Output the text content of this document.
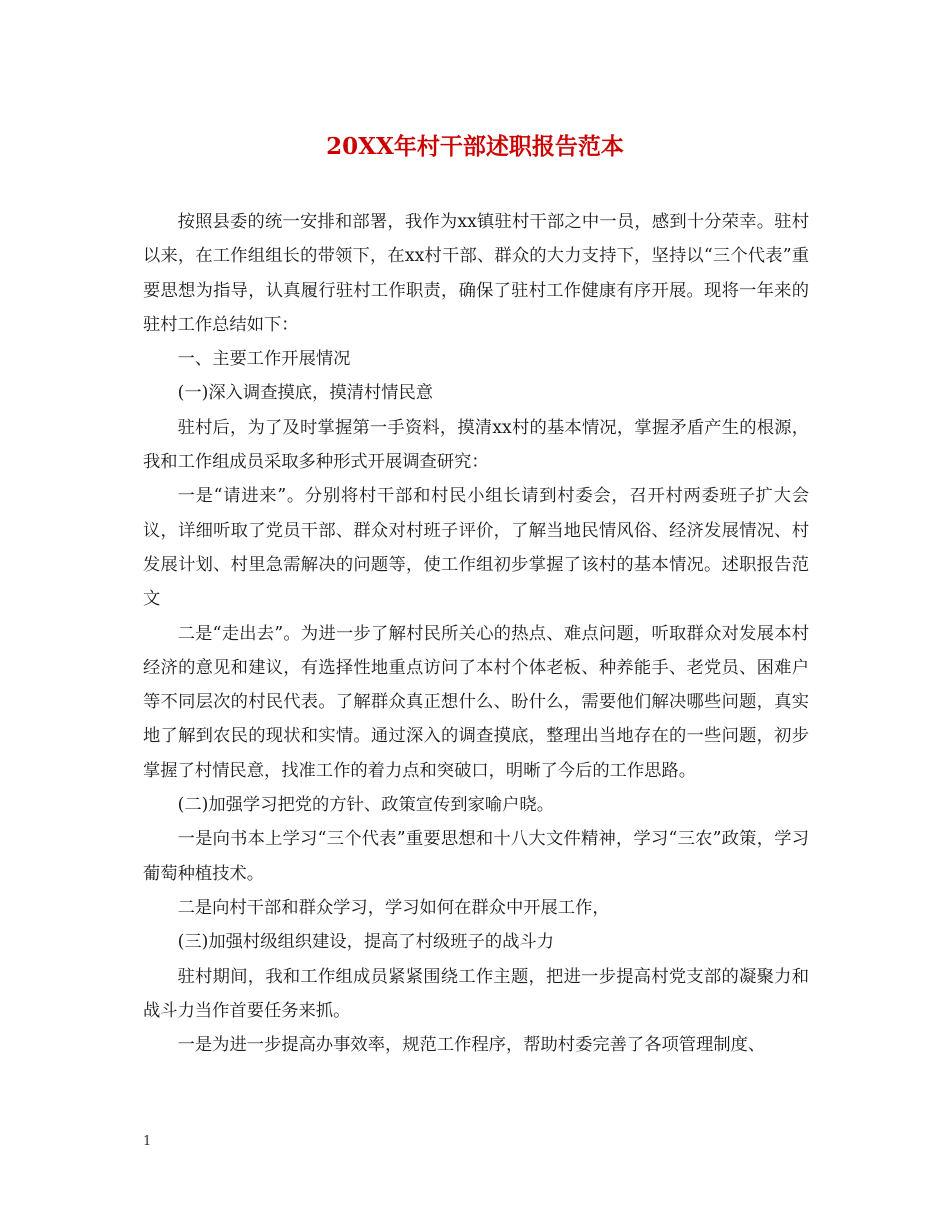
20XX年村干部述职报告范本

按照县委的统一安排和部署，我作为xx镇驻村干部之中一员，感到十分荣幸。驻村以来，在工作组组长的带领下，在xx村干部、群众的大力支持下，坚持以“三个代表”重要思想为指导，认真履行驻村工作职责，确保了驻村工作健康有序开展。现将一年来的驻村工作总结如下：

一、主要工作开展情况

(一)深入调查摸底，摸清村情民意

驻村后，为了及时掌握第一手资料，摸清xx村的基本情况，掌握矛盾产生的根源，我和工作组成员采取多种形式开展调查研究：

一是“请进来”。分别将村干部和村民小组长请到村委会，召开村两委班子扩大会议，详细听取了党员干部、群众对村班子评价，了解当地民情风俗、经济发展情况、村发展计划、村里急需解决的问题等，使工作组初步掌握了该村的基本情况。述职报告范文

二是“走出去”。为进一步了解村民所关心的热点、难点问题，听取群众对发展本村经济的意见和建议，有选择性地重点访问了本村个体老板、种养能手、老党员、困难户等不同层次的村民代表。了解群众真正想什么、盼什么，需要他们解决哪些问题，真实地了解到农民的现状和实情。通过深入的调查摸底，整理出当地存在的一些问题，初步掌握了村情民意，找准工作的着力点和突破口，明晰了今后的工作思路。

(二)加强学习把党的方针、政策宣传到家喻户晓。

一是向书本上学习“三个代表”重要思想和十八大文件精神，学习“三农”政策，学习葡萄种植技术。

二是向村干部和群众学习，学习如何在群众中开展工作，

(三)加强村级组织建设，提高了村级班子的战斗力

驻村期间，我和工作组成员紧紧围绕工作主题，把进一步提高村党支部的凝聚力和战斗力当作首要任务来抓。

一是为进一步提高办事效率，规范工作程序，帮助村委完善了各项管理制度、

1
